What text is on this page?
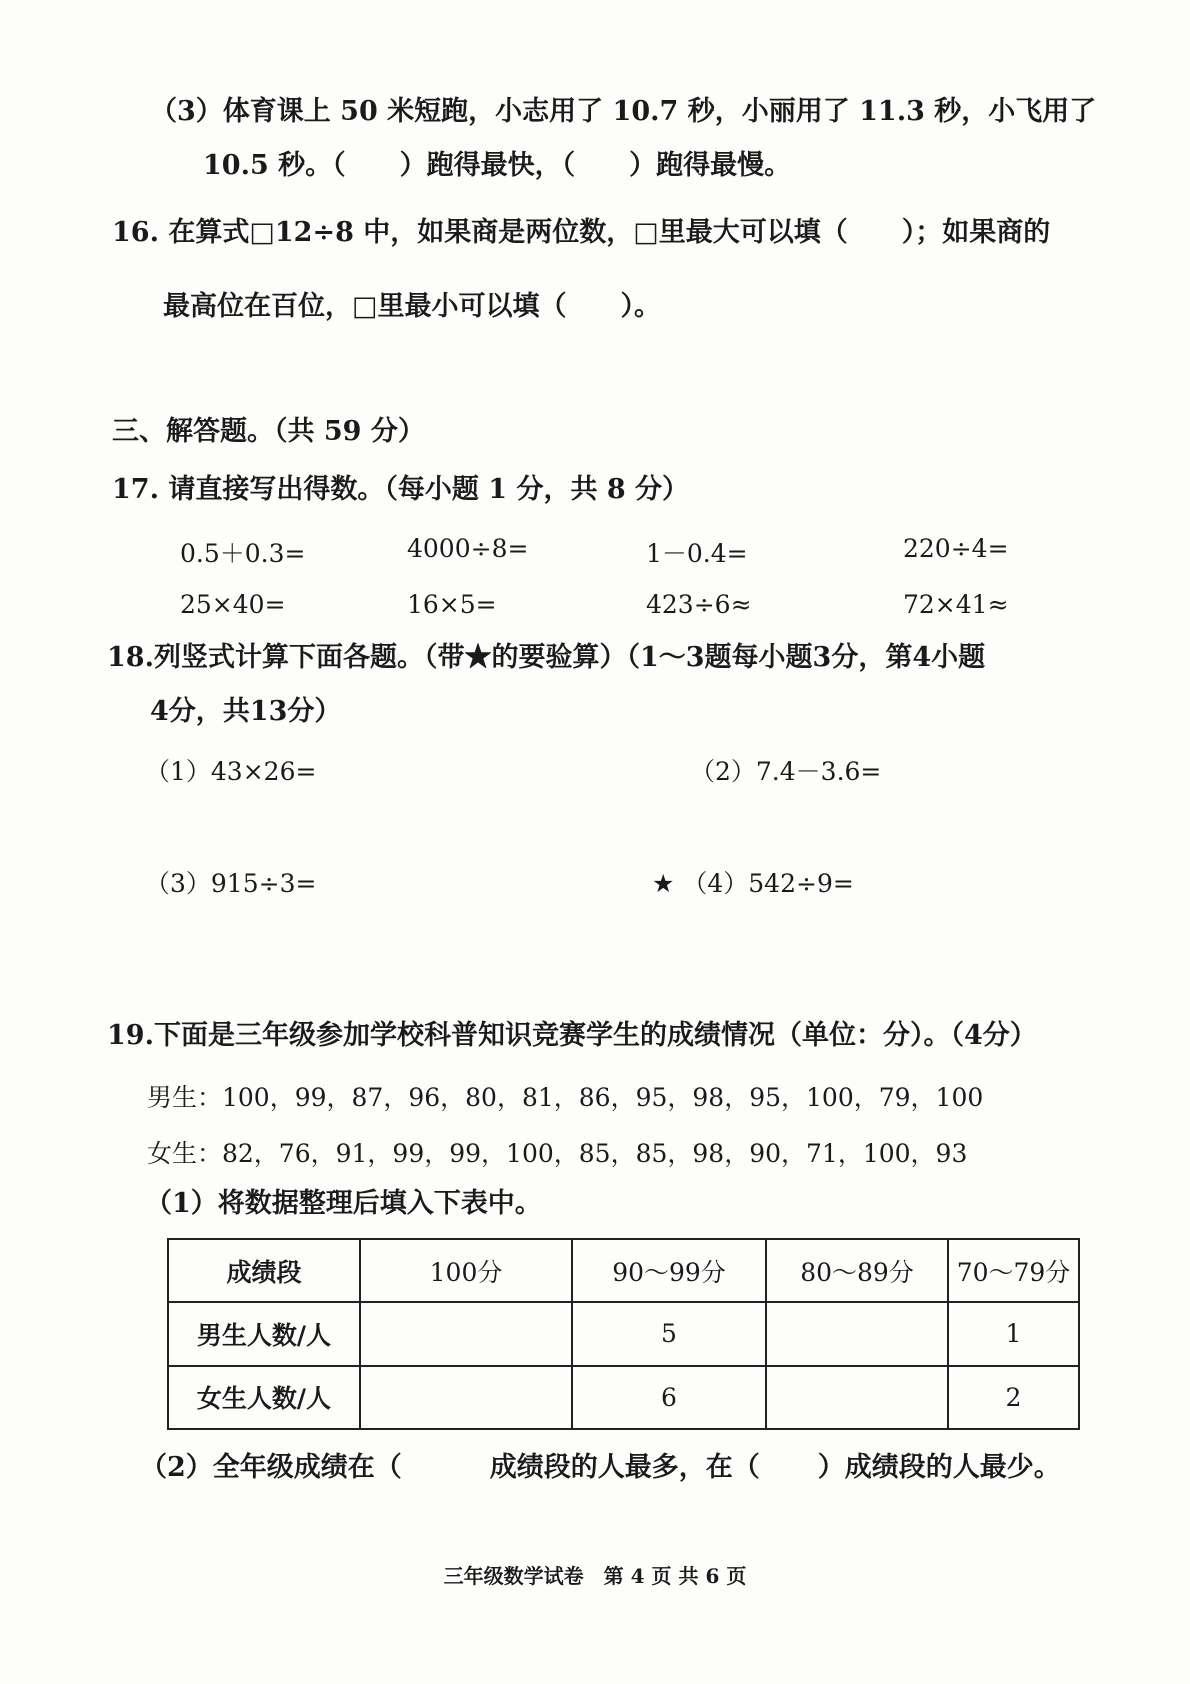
（3）体育课上 50 米短跑，小志用了 10.7 秒，小丽用了 11.3 秒，小飞用了
10.5 秒。（　　）跑得最快，（　　）跑得最慢。
16. 在算式□12÷8 中，如果商是两位数，□里最大可以填（　　）；如果商的
最高位在百位，□里最小可以填（　　）。
三、解答题。（共 59 分）
17. 请直接写出得数。（每小题 1 分，共 8 分）
0.5＋0.3=	4000÷8=	1－0.4=	220÷4=
25×40=	16×5=	423÷6≈	72×41≈
18.列竖式计算下面各题。（带★的要验算）（1～3题每小题3分，第4小题
4分，共13分）
（1）43×26=	（2）7.4－3.6=
（3）915÷3=	★ （4）542÷9=
19.下面是三年级参加学校科普知识竞赛学生的成绩情况（单位：分）。（4分）
男生：100，99，87，96，80，81，86，95，98，95，100，79，100
女生：82，76，91，99，99，100，85，85，98，90，71，100，93
（1）将数据整理后填入下表中。
成绩段	100分	90～99分	80～89分	70～79分
男生人数/人		5		1
女生人数/人		6		2
（2）全年级成绩在（	成绩段的人最多，在（ ）成绩段的人最少。
三年级数学试卷　第 4 页 共 6 页
